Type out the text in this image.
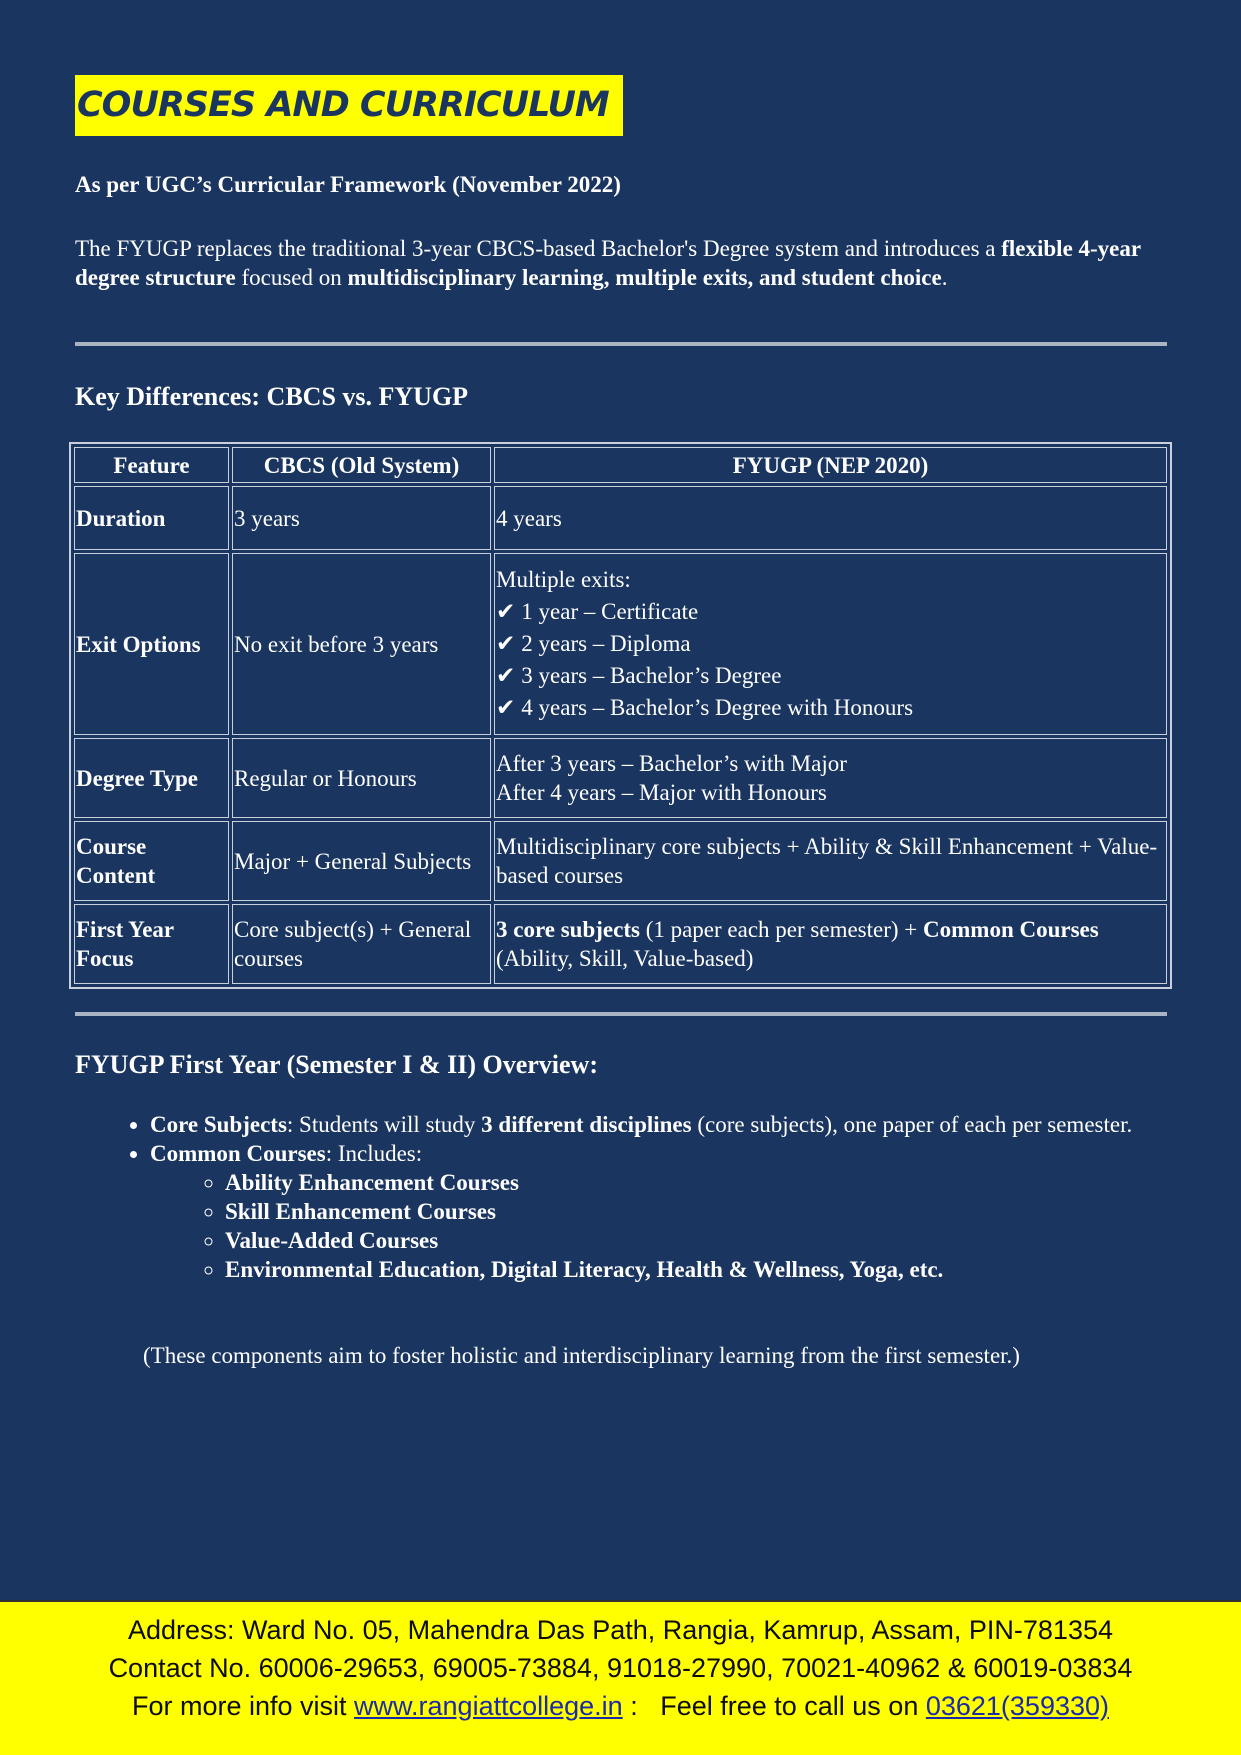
COURSES AND CURRICULUM
As per UGC’s Curricular Framework (November 2022)
The FYUGP replaces the traditional 3-year CBCS-based Bachelor's Degree system and introduces a flexible 4-year degree structure focused on multidisciplinary learning, multiple exits, and student choice.
Key Differences: CBCS vs. FYUGP
Feature	CBCS (Old System)	FYUGP (NEP 2020)
Duration	3 years	4 years
Exit Options	No exit before 3 years	Multiple exits:
✔ 1 year – Certificate
✔ 2 years – Diploma
✔ 3 years – Bachelor’s Degree
✔ 4 years – Bachelor’s Degree with Honours

Degree Type	Regular or Honours	After 3 years – Bachelor’s with Major
After 4 years – Major with Honours

Course Content	Major + General Subjects	Multidisciplinary core subjects + Ability & Skill Enhancement + Value-based courses
First Year Focus	Core subject(s) + General courses	3 core subjects (1 paper each per semester) + Common Courses
(Ability, Skill, Value-based)
FYUGP First Year (Semester I & II) Overview:
• Core Subjects: Students will study 3 different disciplines (core subjects), one paper of each per semester.
• Common Courses: Includes:
◦ Ability Enhancement Courses
◦ Skill Enhancement Courses
◦ Value-Added Courses
◦ Environmental Education, Digital Literacy, Health & Wellness, Yoga, etc.
(These components aim to foster holistic and interdisciplinary learning from the first semester.)
Address: Ward No. 05, Mahendra Das Path, Rangia, Kamrup, Assam, PIN-781354
Contact No. 60006-29653, 69005-73884, 91018-27990, 70021-40962 & 60019-03834
For more info visit www.rangiattcollege.in :   Feel free to call us on 03621(359330)
